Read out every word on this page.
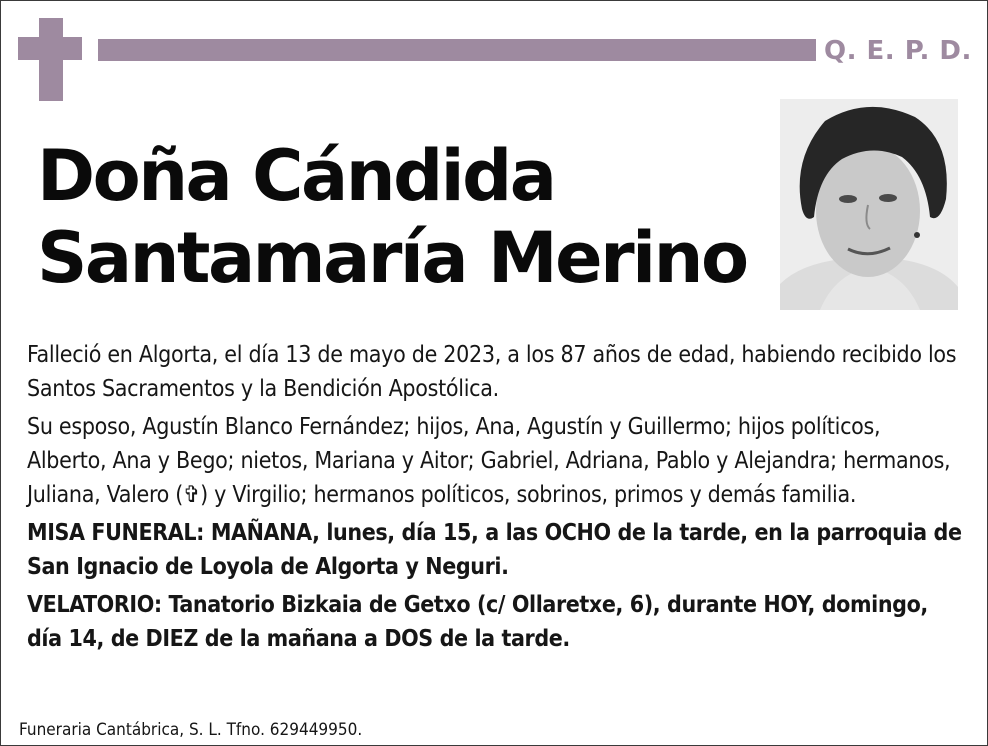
Q. E. P. D.
Doña Cándida
Santamaría Merino

Falleció en Algorta, el día 13 de mayo de 2023, a los 87 años de edad, habiendo recibido los Santos Sacramentos y la Bendición Apostólica.

Su esposo, Agustín Blanco Fernández; hijos, Ana, Agustín y Guillermo; hijos políticos, Alberto, Ana y Bego; nietos, Mariana y Aitor; Gabriel, Adriana, Pablo y Alejandra; hermanos, Juliana, Valero (✞) y Virgilio; hermanos políticos, sobrinos, primos y demás familia.

MISA FUNERAL: MAÑANA, lunes, día 15, a las OCHO de la tarde, en la parroquia de San Ignacio de Loyola de Algorta y Neguri.

VELATORIO: Tanatorio Bizkaia de Getxo (c/ Ollaretxe, 6), durante HOY, domingo, día 14, de DIEZ de la mañana a DOS de la tarde.

Funeraria Cantábrica, S. L. Tfno. 629449950.
